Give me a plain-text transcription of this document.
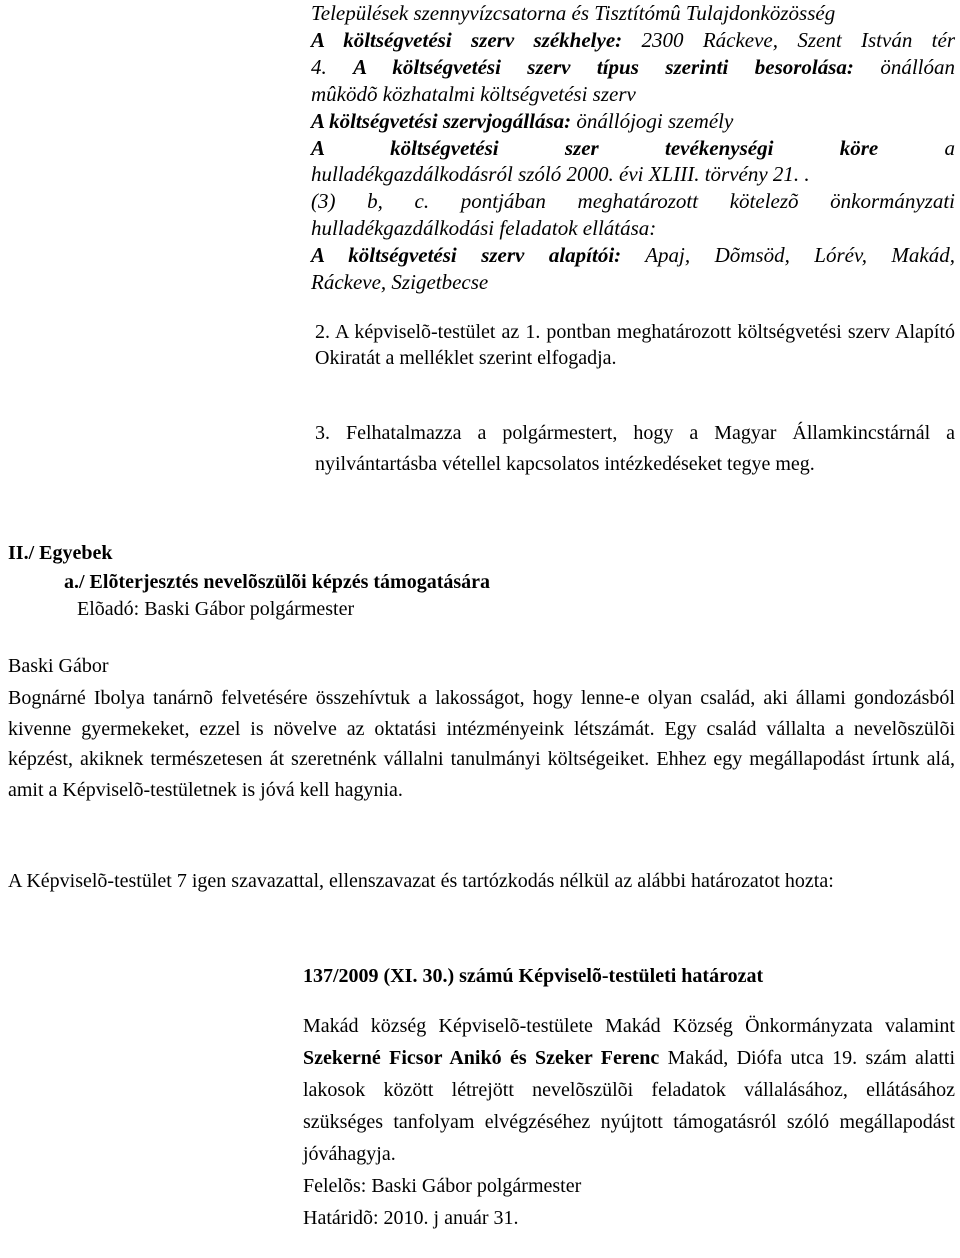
Települések szennyvízcsatorna és Tisztítómû Tulajdonközösség
A költségvetési szerv székhelye: 2300 Ráckeve, Szent István tér
4. A költségvetési szerv típus szerinti besorolása: önállóan
mûködõ közhatalmi költségvetési szerv
A költségvetési szervjogállása: önállójogi személy
A költségvetési szer tevékenységi köre a
hulladékgazdálkodásról szóló 2000. évi XLIII. törvény 21. .
(3) b, c. pontjában meghatározott kötelezõ önkormányzati
hulladékgazdálkodási feladatok ellátása:
A költségvetési szerv alapítói: Apaj, Dõmsöd, Lórév, Makád,
Ráckeve, Szigetbecse
2. A képviselõ-testület az 1. pontban meghatározott költségvetési szerv Alapító Okiratát a melléklet szerint elfogadja.
3. Felhatalmazza a polgármestert, hogy a Magyar Államkincstárnál a nyilvántartásba vétellel kapcsolatos intézkedéseket tegye meg.
II./ Egyebek
a./ Elõterjesztés nevelõszülõi képzés támogatására
Elõadó: Baski Gábor polgármester
Baski Gábor
Bognárné Ibolya tanárnõ felvetésére összehívtuk a lakosságot, hogy lenne-e olyan család, aki állami gondozásból kivenne gyermekeket, ezzel is növelve az oktatási intézményeink létszámát. Egy család vállalta a nevelõszülõi képzést, akiknek természetesen át szeretnénk vállalni tanulmányi költségeiket. Ehhez egy megállapodást írtunk alá, amit a Képviselõ-testületnek is jóvá kell hagynia.
A Képviselõ-testület 7 igen szavazattal, ellenszavazat és tartózkodás nélkül az alábbi határozatot hozta:
137/2009 (XI. 30.) számú Képviselõ-testületi határozat
Makád község Képviselõ-testülete Makád Község Önkormányzata valamint Szekerné Ficsor Anikó és Szeker Ferenc Makád, Diófa utca 19. szám alatti lakosok között létrejött nevelõszülõi feladatok vállalásához, ellátásához szükséges tanfolyam elvégzéséhez nyújtott támogatásról szóló megállapodást jóváhagyja.
Felelõs: Baski Gábor polgármester
Határidõ: 2010. j anuár 31.
